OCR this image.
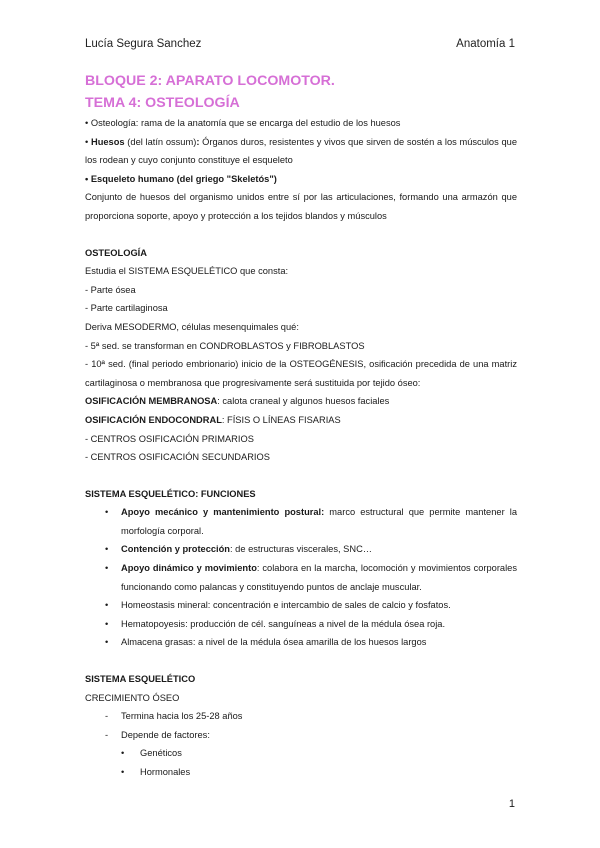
Lucía Segura Sanchez	Anatomía 1

BLOQUE 2: APARATO LOCOMOTOR.

TEMA 4: OSTEOLOGÍA

• Osteología: rama de la anatomía que se encarga del estudio de los huesos

• Huesos (del latín ossum): Órganos duros, resistentes y vivos que sirven de sostén a los músculos que los rodean y cuyo conjunto constituye el esqueleto

• Esqueleto humano (del griego "Skeletós")

Conjunto de huesos del organismo unidos entre sí por las articulaciones, formando una armazón que proporciona soporte, apoyo y protección a los tejidos blandos y músculos

OSTEOLOGÍA

Estudia el SISTEMA ESQUELÉTICO que consta:

- Parte ósea

- Parte cartilaginosa

Deriva MESODERMO, células mesenquimales qué:

- 5ª sed. se transforman en CONDROBLASTOS y FIBROBLASTOS

- 10ª sed. (final periodo embrionario) inicio de la OSTEOGÉNESIS, osificación precedida de una matriz cartilaginosa o membranosa que progresivamente será sustituida por tejido óseo:

OSIFICACIÓN MEMBRANOSA: calota craneal y algunos huesos faciales

OSIFICACIÓN ENDOCONDRAL: FÍSIS O LÍNEAS FISARIAS

- CENTROS OSIFICACIÓN PRIMARIOS

- CENTROS OSIFICACIÓN SECUNDARIOS

SISTEMA ESQUELÉTICO: FUNCIONES

• Apoyo mecánico y mantenimiento postural: marco estructural que permite mantener la morfología corporal.
• Contención y protección: de estructuras viscerales, SNC…
• Apoyo dinámico y movimiento: colabora en la marcha, locomoción y movimientos corporales funcionando como palancas y constituyendo puntos de anclaje muscular.
• Homeostasis mineral: concentración e intercambio de sales de calcio y fosfatos.
• Hematopoyesis: producción de cél. sanguíneas a nivel de la médula ósea roja.
• Almacena grasas: a nivel de la médula ósea amarilla de los huesos largos

SISTEMA ESQUELÉTICO

CRECIMIENTO ÓSEO

- Termina hacia los 25-28 años
- Depende de factores:
• Genéticos
• Hormonales
1
